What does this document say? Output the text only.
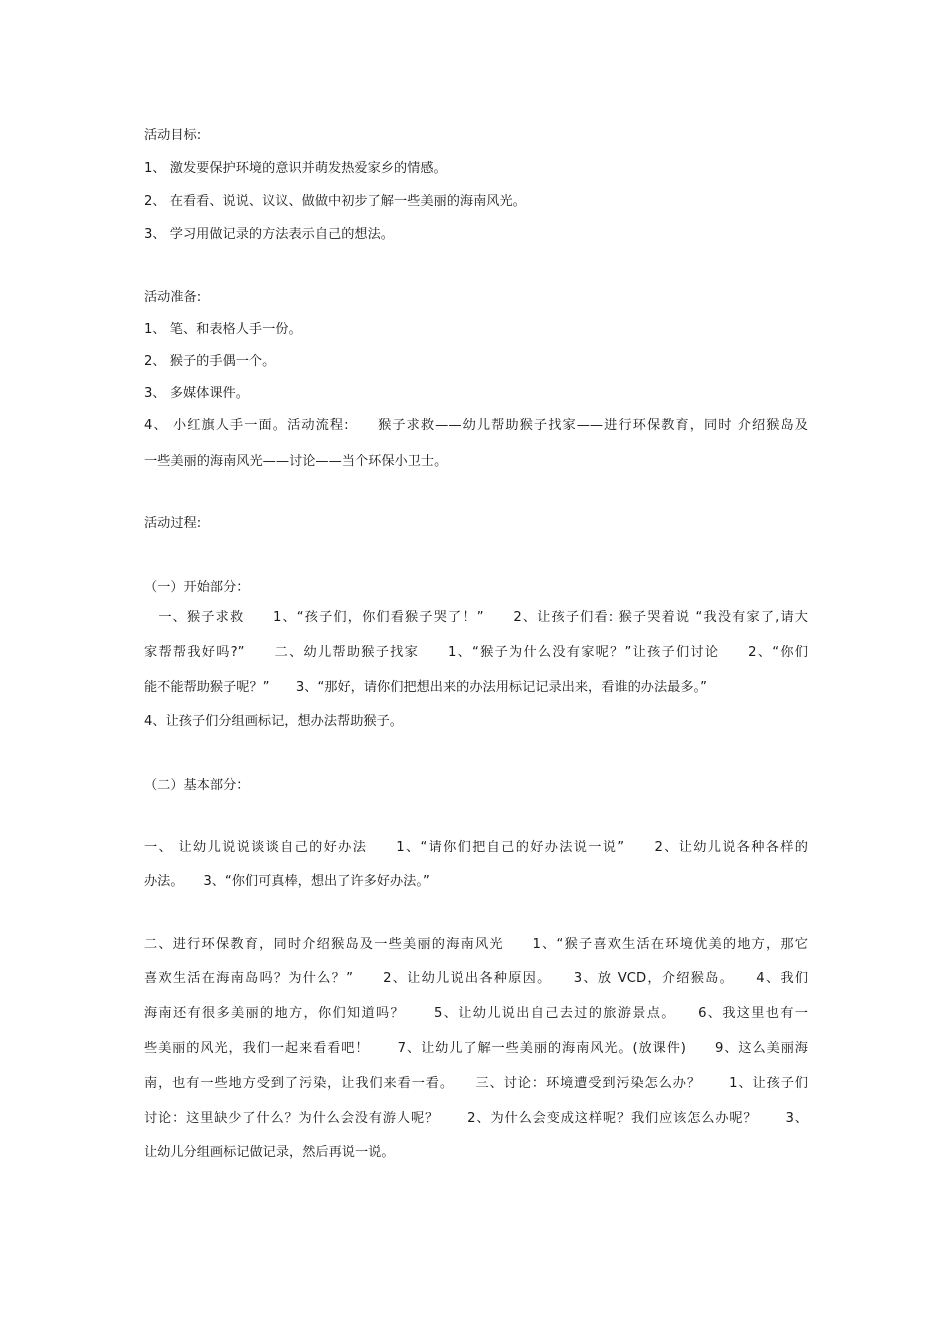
活动目标:
1、 激发要保护环境的意识并萌发热爱家乡的情感。
2、 在看看、说说、议议、做做中初步了解一些美丽的海南风光。
3、 学习用做记录的方法表示自己的想法。
活动准备:
1、 笔、和表格人手一份。
2、 猴子的手偶一个。
3、 多媒体课件。
4、 小红旗人手一面。活动流程:　　猴子求救——幼儿帮助猴子找家——进行环保教育，同时 介绍猴岛及
一些美丽的海南风光——讨论——当个环保小卫士。
活动过程:
（一）开始部分：
　一、猴子求救　　1、“孩子们，你们看猴子哭了！”　　2、让孩子们看: 猴子哭着说 “我没有家了,请大
家帮帮我好吗?”　　二、幼儿帮助猴子找家　　1、“猴子为什么没有家呢？”让孩子们讨论　　2、“你们
能不能帮助猴子呢？”　　3、“那好，请你们把想出来的办法用标记记录出来，看谁的办法最多。”
4、让孩子们分组画标记，想办法帮助猴子。
（二）基本部分：
一、 让幼儿说说谈谈自己的好办法　　1、“请你们把自己的好办法说一说”　　2、让幼儿说各种各样的
办法。　　3、“你们可真棒，想出了许多好办法。”
二、进行环保教育，同时介绍猴岛及一些美丽的海南风光　　1、“猴子喜欢生活在环境优美的地方，那它
喜欢生活在海南岛吗？为什么？”　　2、让幼儿说出各种原因。　　3、放 VCD，介绍猴岛。　　4、我们
海南还有很多美丽的地方，你们知道吗？　　5、让幼儿说出自己去过的旅游景点。　　6、我这里也有一
些美丽的风光，我们一起来看看吧！　　7、让幼儿了解一些美丽的海南风光。(放课件)　　9、这么美丽海
南，也有一些地方受到了污染，让我们来看一看。　　三、讨论：环境遭受到污染怎么办？　　1、让孩子们
讨论：这里缺少了什么？为什么会没有游人呢？　　2、为什么会变成这样呢？我们应该怎么办呢？　　3、
让幼儿分组画标记做记录，然后再说一说。
